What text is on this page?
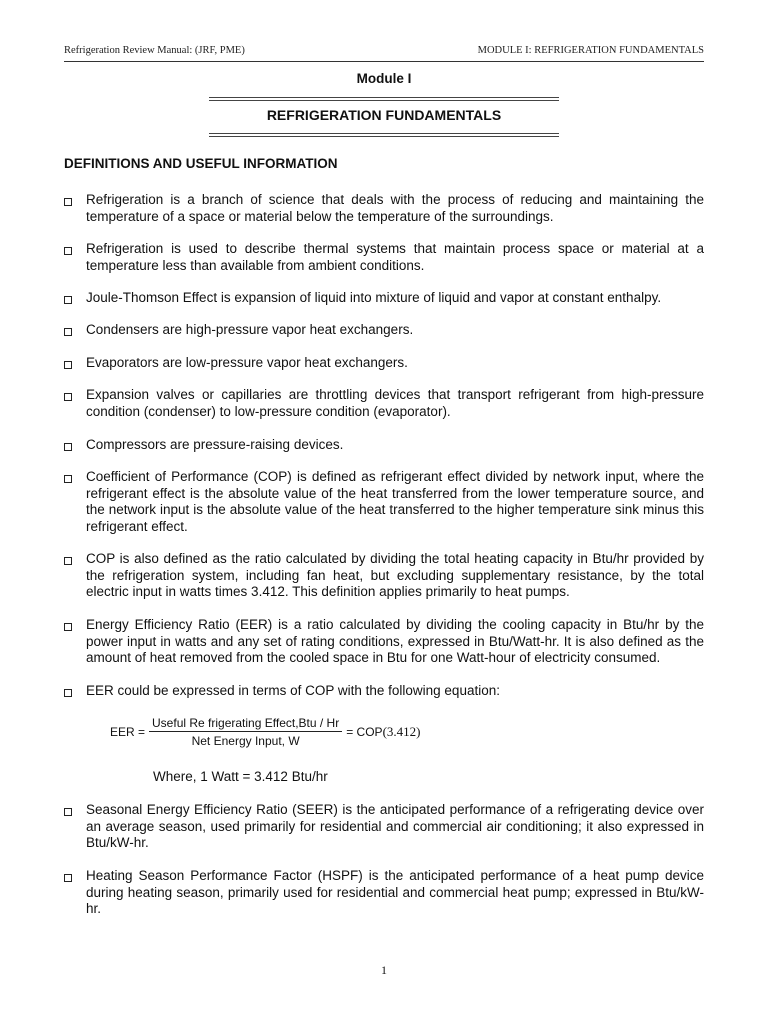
Refrigeration Review Manual: (JRF, PME)	MODULE I: REFRIGERATION FUNDAMENTALS
Module I
REFRIGERATION FUNDAMENTALS
DEFINITIONS AND USEFUL INFORMATION
Refrigeration is a branch of science that deals with the process of reducing and maintaining the temperature of a space or material below the temperature of the surroundings.
Refrigeration is used to describe thermal systems that maintain process space or material at a temperature less than available from ambient conditions.
Joule-Thomson Effect is expansion of liquid into mixture of liquid and vapor at constant enthalpy.
Condensers are high-pressure vapor heat exchangers.
Evaporators are low-pressure vapor heat exchangers.
Expansion valves or capillaries are throttling devices that transport refrigerant from high-pressure condition (condenser) to low-pressure condition (evaporator).
Compressors are pressure-raising devices.
Coefficient of Performance (COP) is defined as refrigerant effect divided by network input, where the refrigerant effect is the absolute value of the heat transferred from the lower temperature source, and the network input is the absolute value of the heat transferred to the higher temperature sink minus this refrigerant effect.
COP is also defined as the ratio calculated by dividing the total heating capacity in Btu/hr provided by the refrigeration system, including fan heat, but excluding supplementary resistance, by the total electric input in watts times 3.412. This definition applies primarily to heat pumps.
Energy Efficiency Ratio (EER) is a ratio calculated by dividing the cooling capacity in Btu/hr by the power input in watts and any set of rating conditions, expressed in Btu/Watt-hr. It is also defined as the amount of heat removed from the cooled space in Btu for one Watt-hour of electricity consumed.
EER could be expressed in terms of COP with the following equation:
EER = $\frac{\text{Useful Re frigerating Effect,Btu / Hr}}{\text{Net Energy Input, W}}$ = COP (3.412)
Where, 1 Watt = 3.412 Btu/hr
Seasonal Energy Efficiency Ratio (SEER) is the anticipated performance of a refrigerating device over an average season, used primarily for residential and commercial air conditioning; it also expressed in Btu/kW-hr.
Heating Season Performance Factor (HSPF) is the anticipated performance of a heat pump device during heating season, primarily used for residential and commercial heat pump; expressed in Btu/kW-hr.
1
